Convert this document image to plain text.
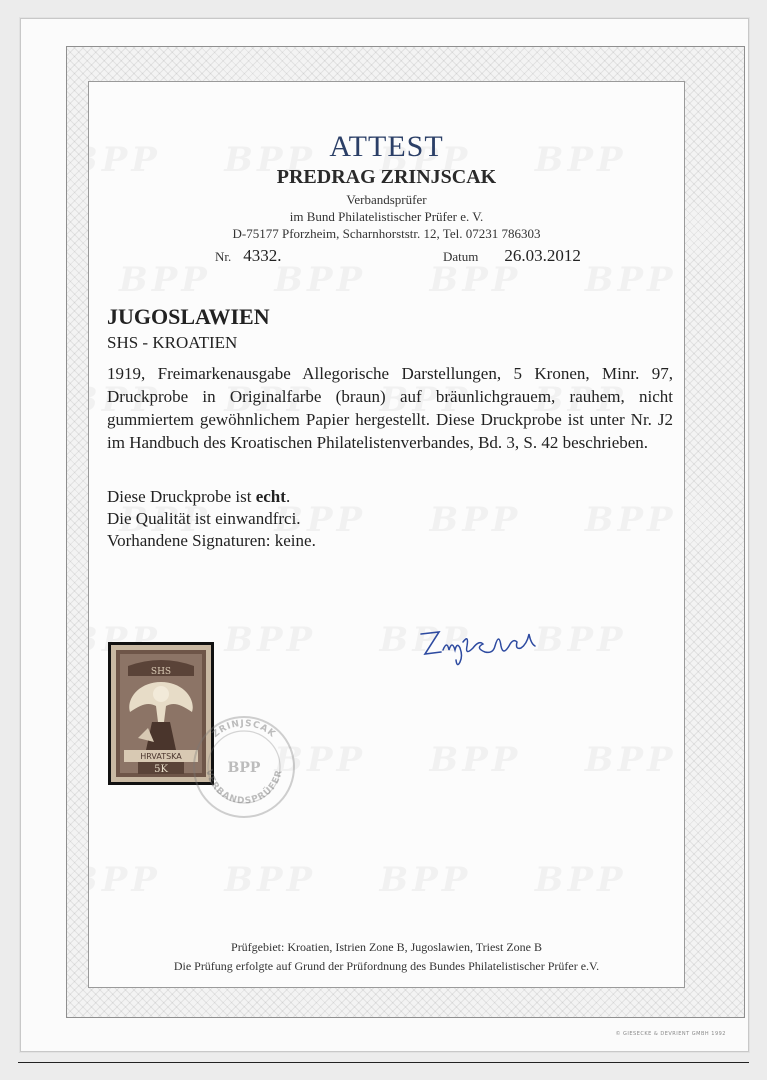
ATTEST
PREDRAG ZRINJSCAK
Verbandsprüfer
im Bund Philatelistischer Prüfer e. V.
D-75177 Pforzheim, Scharnhorststr. 12, Tel. 07231 786303
Nr. 4332.	Datum 26.03.2012
JUGOSLAWIEN
SHS - KROATIEN
1919, Freimarkenausgabe Allegorische Darstellungen, 5 Kronen, Minr. 97, Druckprobe in Originalfarbe (braun) auf bräunlichgrauem, rauhem, nicht gummiertem gewöhnlichem Papier hergestellt. Diese Druckprobe ist unter Nr. J2 im Handbuch des Kroatischen Philatelistenverbandes, Bd. 3, S. 42 beschrieben.
Diese Druckprobe ist echt.
Die Qualität ist einwandfrci.
Vorhandene Signaturen: keine.
SHS
HRVATSKA
5K
ZRINJSCAK
BPP
VERBANDSPRÜFER
Prüfgebiet: Kroatien, Istrien Zone B, Jugoslawien, Triest Zone B
Die Prüfung erfolgte auf Grund der Prüfordnung des Bundes Philatelistischer Prüfer e.V.
© GIESECKE & DEVRIENT GMBH 1992
